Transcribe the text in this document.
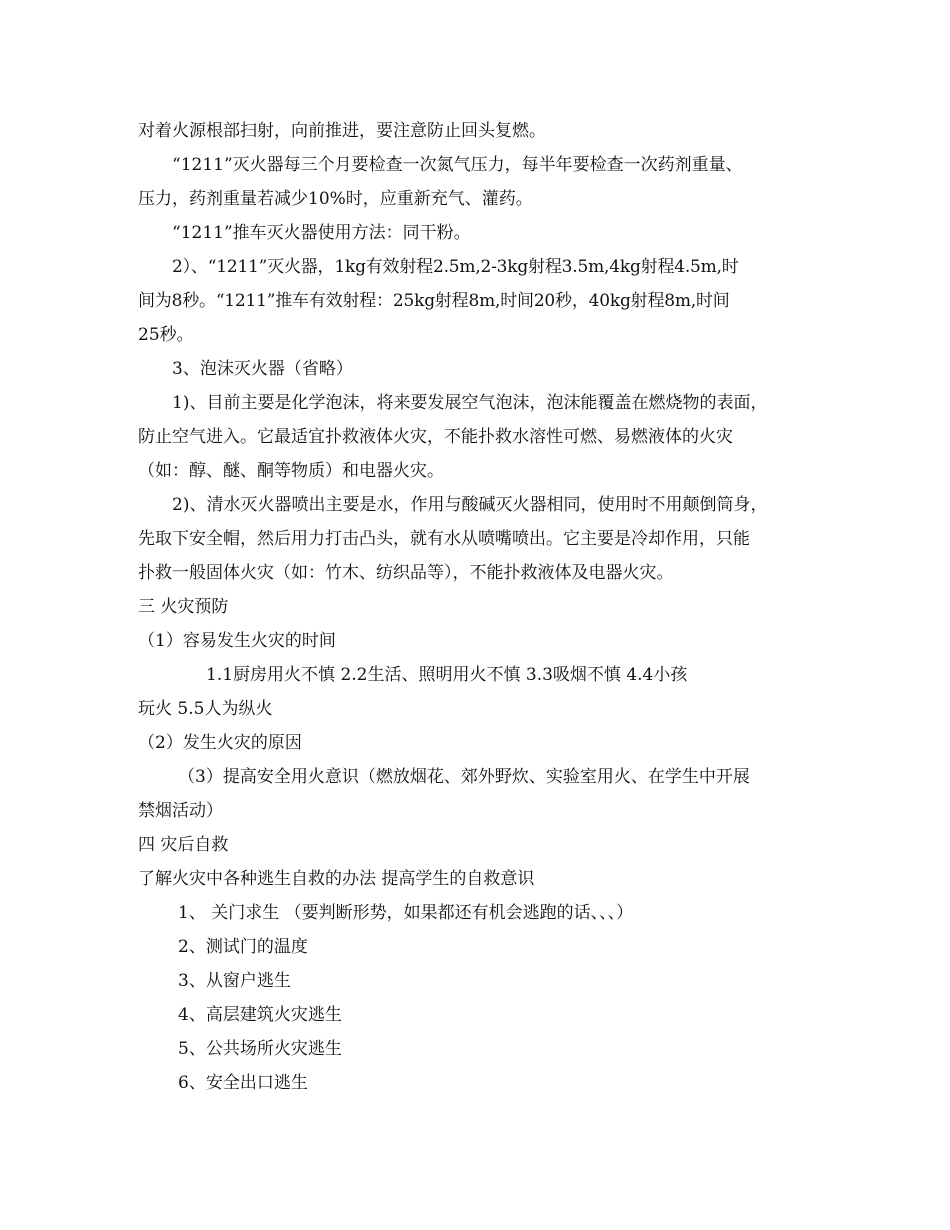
对着火源根部扫射，向前推进，要注意防止回头复燃。

“1211”灭火器每三个月要检查一次氮气压力，每半年要检查一次药剂重量、

压力，药剂重量若减少10%时，应重新充气、灌药。

“1211”推车灭火器使用方法：同干粉。

2）、“1211”灭火器，1kg有效射程2.5m,2-3kg射程3.5m,4kg射程4.5m,时

间为8秒。“1211”推车有效射程：25kg射程8m,时间20秒，40kg射程8m,时间

25秒。

3、泡沫灭火器（省略）

1)、目前主要是化学泡沫，将来要发展空气泡沫，泡沫能覆盖在燃烧物的表面，

防止空气进入。它最适宜扑救液体火灾，不能扑救水溶性可燃、易燃液体的火灾

（如：醇、醚、酮等物质）和电器火灾。

2)、清水灭火器喷出主要是水，作用与酸碱灭火器相同，使用时不用颠倒筒身，

先取下安全帽，然后用力打击凸头，就有水从喷嘴喷出。它主要是冷却作用，只能

扑救一般固体火灾（如：竹木、纺织品等），不能扑救液体及电器火灾。

三 火灾预防

（1）容易发生火灾的时间

1.1厨房用火不慎 2.2生活、照明用火不慎 3.3吸烟不慎 4.4小孩

玩火 5.5人为纵火

（2）发生火灾的原因

（3）提高安全用火意识（燃放烟花、郊外野炊、实验室用火、在学生中开展

禁烟活动）

四 灾后自救

了解火灾中各种逃生自救的办法 提高学生的自救意识

1、 关门求生 （要判断形势，如果都还有机会逃跑的话、、、）

2、测试门的温度

3、从窗户逃生

4、高层建筑火灾逃生

5、公共场所火灾逃生

6、安全出口逃生
